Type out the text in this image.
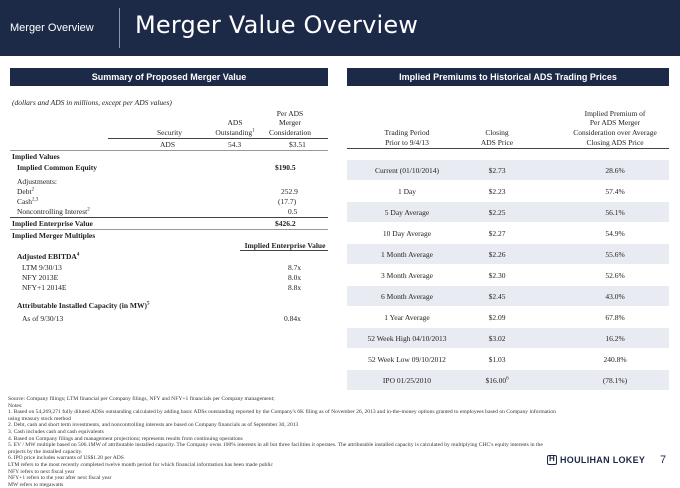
Merger Overview Merger Value Overview
Summary of Proposed Merger Value
(dollars and ADS in millions, except per ADS values)
Per ADS
ADS	Merger
Security	Outstanding$^1$	Consideration
ADS	54.3	$3.51
Implied Values
Implied Common Equity	$190.5
Adjustments:
Debt$^2$	252.9
Cash$^{2,3}$	(17.7)
Noncontrolling Interest$^2$	0.5
Implied Enterprise Value	$426.2
Implied Merger Multiples
Implied Enterprise Value
Adjusted EBITDA$^4$
LTM 9/30/13	8.7x
NFY 2013E	8.0x
NFY+1 2014E	8.8x
Attributable Installed Capacity (in MW)$^5$
As of 9/30/13	0.84x
Implied Premiums to Historical ADS Trading Prices
Implied Premium of
Per ADS Merger
Trading Period	Closing	Consideration over Average
Prior to 9/4/13	ADS Price	Closing ADS Price
Current (01/10/2014)	$2.73	28.6%
1 Day	$2.23	57.4%
5 Day Average	$2.25	56.1%
10 Day Average	$2.27	54.9%
1 Month Average	$2.26	55.6%
3 Month Average	$2.30	52.6%
6 Month Average	$2.45	43.0%
1 Year Average	$2.09	67.8%
52 Week High 04/10/2013	$3.02	16.2%
52 Week Low 09/10/2012	$1.03	240.8%
IPO 01/25/2010	$16.00$^6$	(78.1%)
Source: Company filings; LTM financial per Company filings, NFY and NFY+1 financials per Company management;
Notes:
1. Based on 54,269,271 fully diluted ADSs outstanding calculated by adding basic ADSs outstanding reported by the Company's 6K filing as of November 26, 2013 and in-the-money options granted to employees based on Company information
using treasury stock method
2. Debt, cash and short term investments, and noncontrolling interests are based on Company financials as of September 30, 2013
3. Cash includes cash and cash equivalents
4. Based on Company filings and management projections; represents results from continuing operations
5. EV / MW multiple based on 506.1MW of attributable installed capacity. The Company owns 100% interests in all but three facilities it operates. The attributable installed capacity is calculated by multiplying CHC's equity interests in the
projects by the installed capacity.
6. IPO price includes warrants of US$1.20 per ADS
LTM refers to the most recently completed twelve month period for which financial information has been made public
NFY refers to next fiscal year
NFY+1 refers to the year after next fiscal year
MW refers to megawatts
HHOULIHAN LOKEY 7
